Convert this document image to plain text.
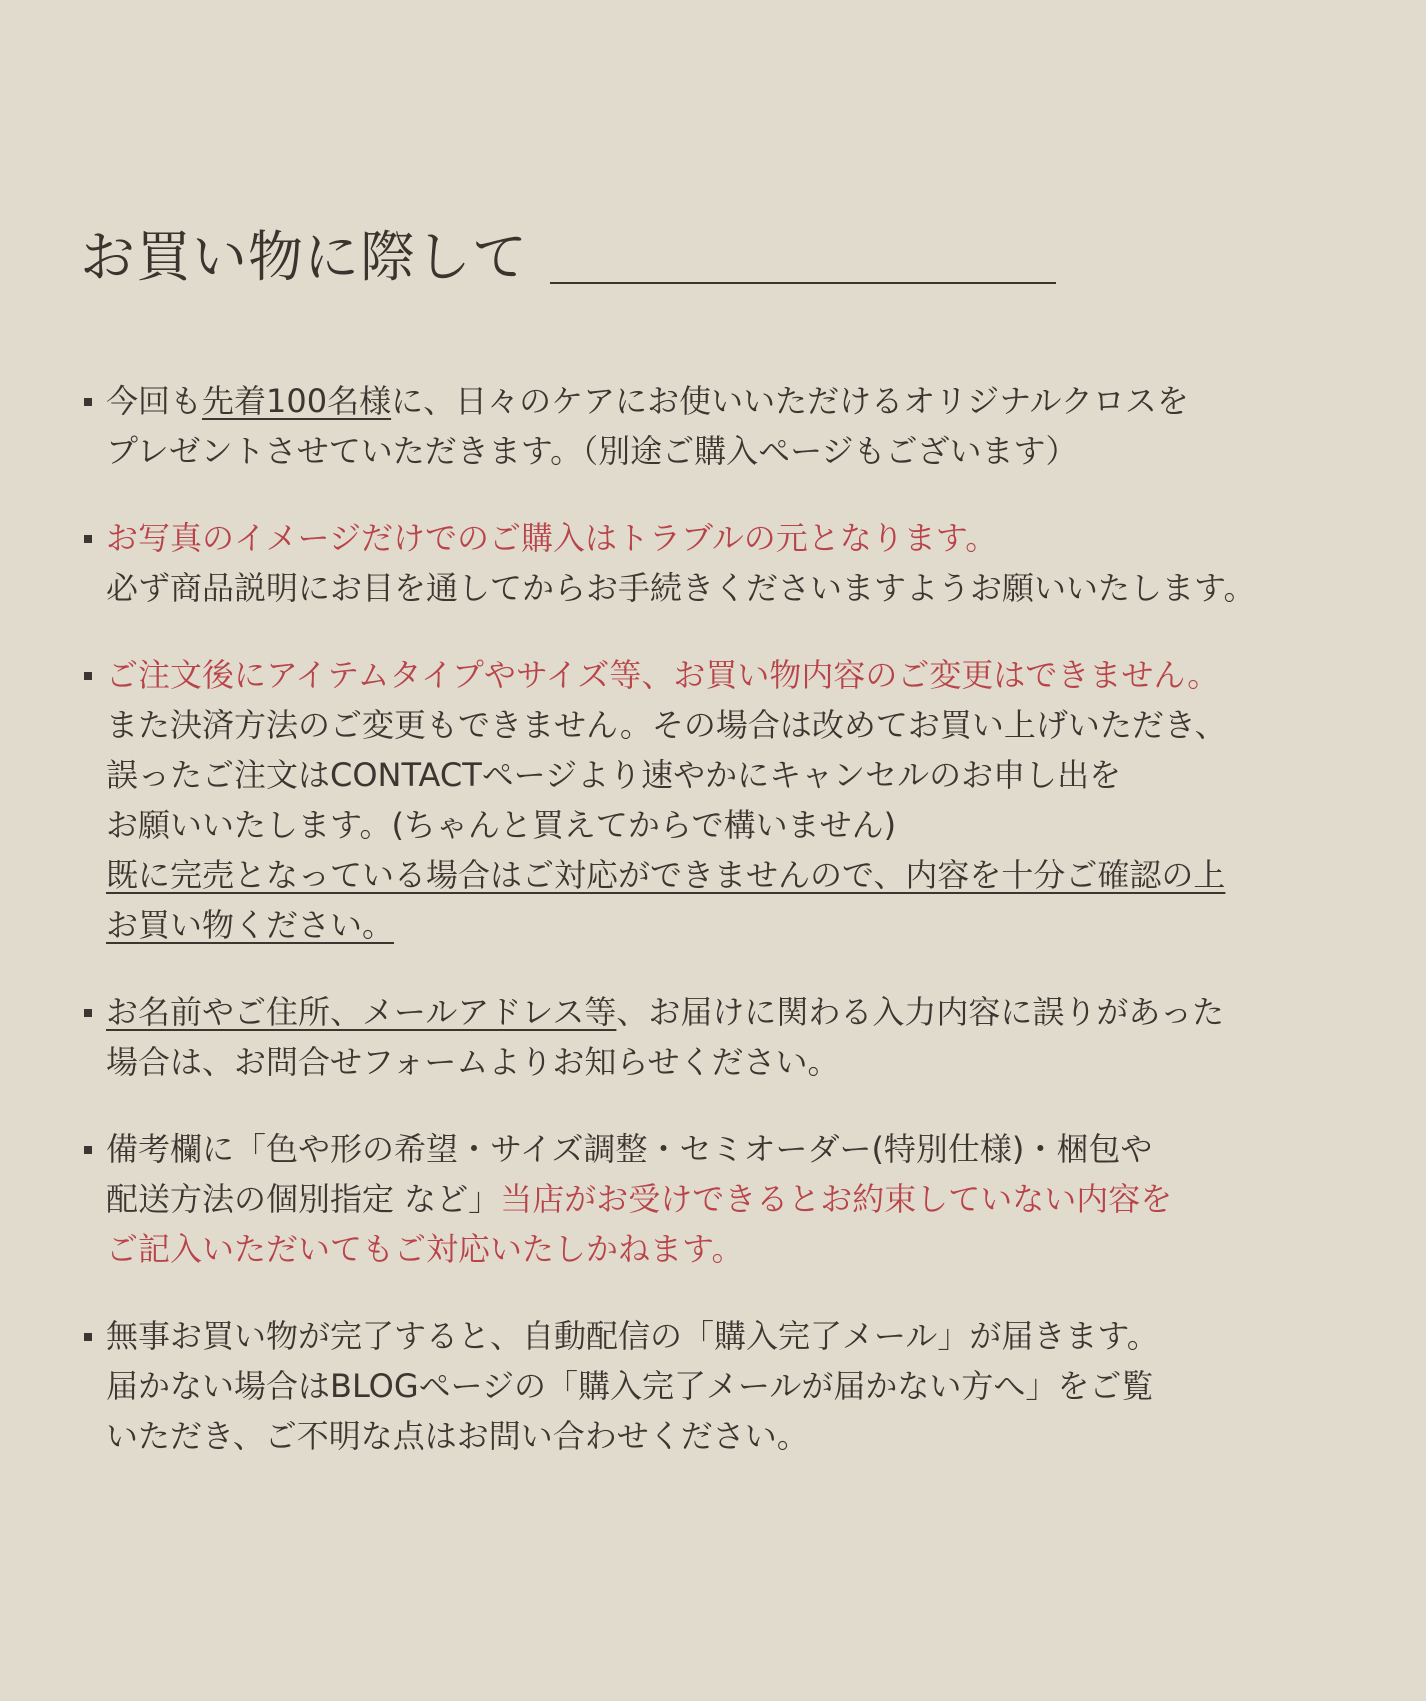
お買い物に際して
今回も先着100名様に、日々のケアにお使いいただけるオリジナルクロスを
プレゼントさせていただきます。（別途ご購入ページもございます）
お写真のイメージだけでのご購入はトラブルの元となります。
必ず商品説明にお目を通してからお手続きくださいますようお願いいたします。
ご注文後にアイテムタイプやサイズ等、お買い物内容のご変更はできません。
また決済方法のご変更もできません。その場合は改めてお買い上げいただき、
誤ったご注文はCONTACTページより速やかにキャンセルのお申し出を
お願いいたします。(ちゃんと買えてからで構いません)
既に完売となっている場合はご対応ができませんので、内容を十分ご確認の上
お買い物ください。
お名前やご住所、メールアドレス等、お届けに関わる入力内容に誤りがあった
場合は、お問合せフォームよりお知らせください。
備考欄に「色や形の希望・サイズ調整・セミオーダー(特別仕様)・梱包や
配送方法の個別指定 など」当店がお受けできるとお約束していない内容を
ご記入いただいてもご対応いたしかねます。
無事お買い物が完了すると、自動配信の「購入完了メール」が届きます。
届かない場合はBLOGページの「購入完了メールが届かない方へ」をご覧
いただき、ご不明な点はお問い合わせください。
